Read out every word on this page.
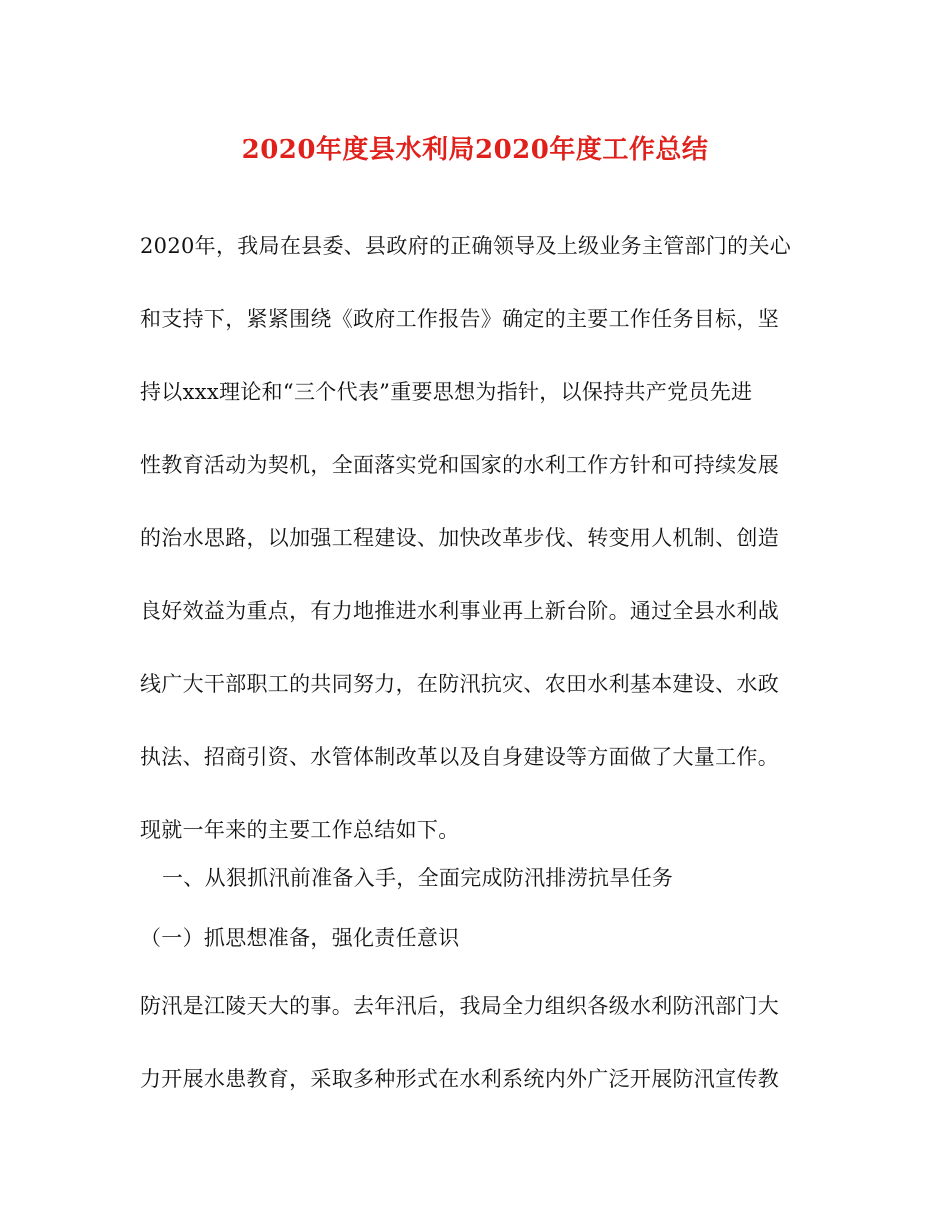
2020年度县水利局2020年度工作总结
2020年，我局在县委、县政府的正确领导及上级业务主管部门的关心
和支持下，紧紧围绕《政府工作报告》确定的主要工作任务目标，坚
持以xxx理论和“三个代表”重要思想为指针，以保持共产党员先进
性教育活动为契机，全面落实党和国家的水利工作方针和可持续发展
的治水思路，以加强工程建设、加快改革步伐、转变用人机制、创造
良好效益为重点，有力地推进水利事业再上新台阶。通过全县水利战
线广大干部职工的共同努力，在防汛抗灾、农田水利基本建设、水政
执法、招商引资、水管体制改革以及自身建设等方面做了大量工作。
现就一年来的主要工作总结如下。
一、从狠抓汛前准备入手，全面完成防汛排涝抗旱任务
（一）抓思想准备，强化责任意识
防汛是江陵天大的事。去年汛后，我局全力组织各级水利防汛部门大
力开展水患教育，采取多种形式在水利系统内外广泛开展防汛宣传教
